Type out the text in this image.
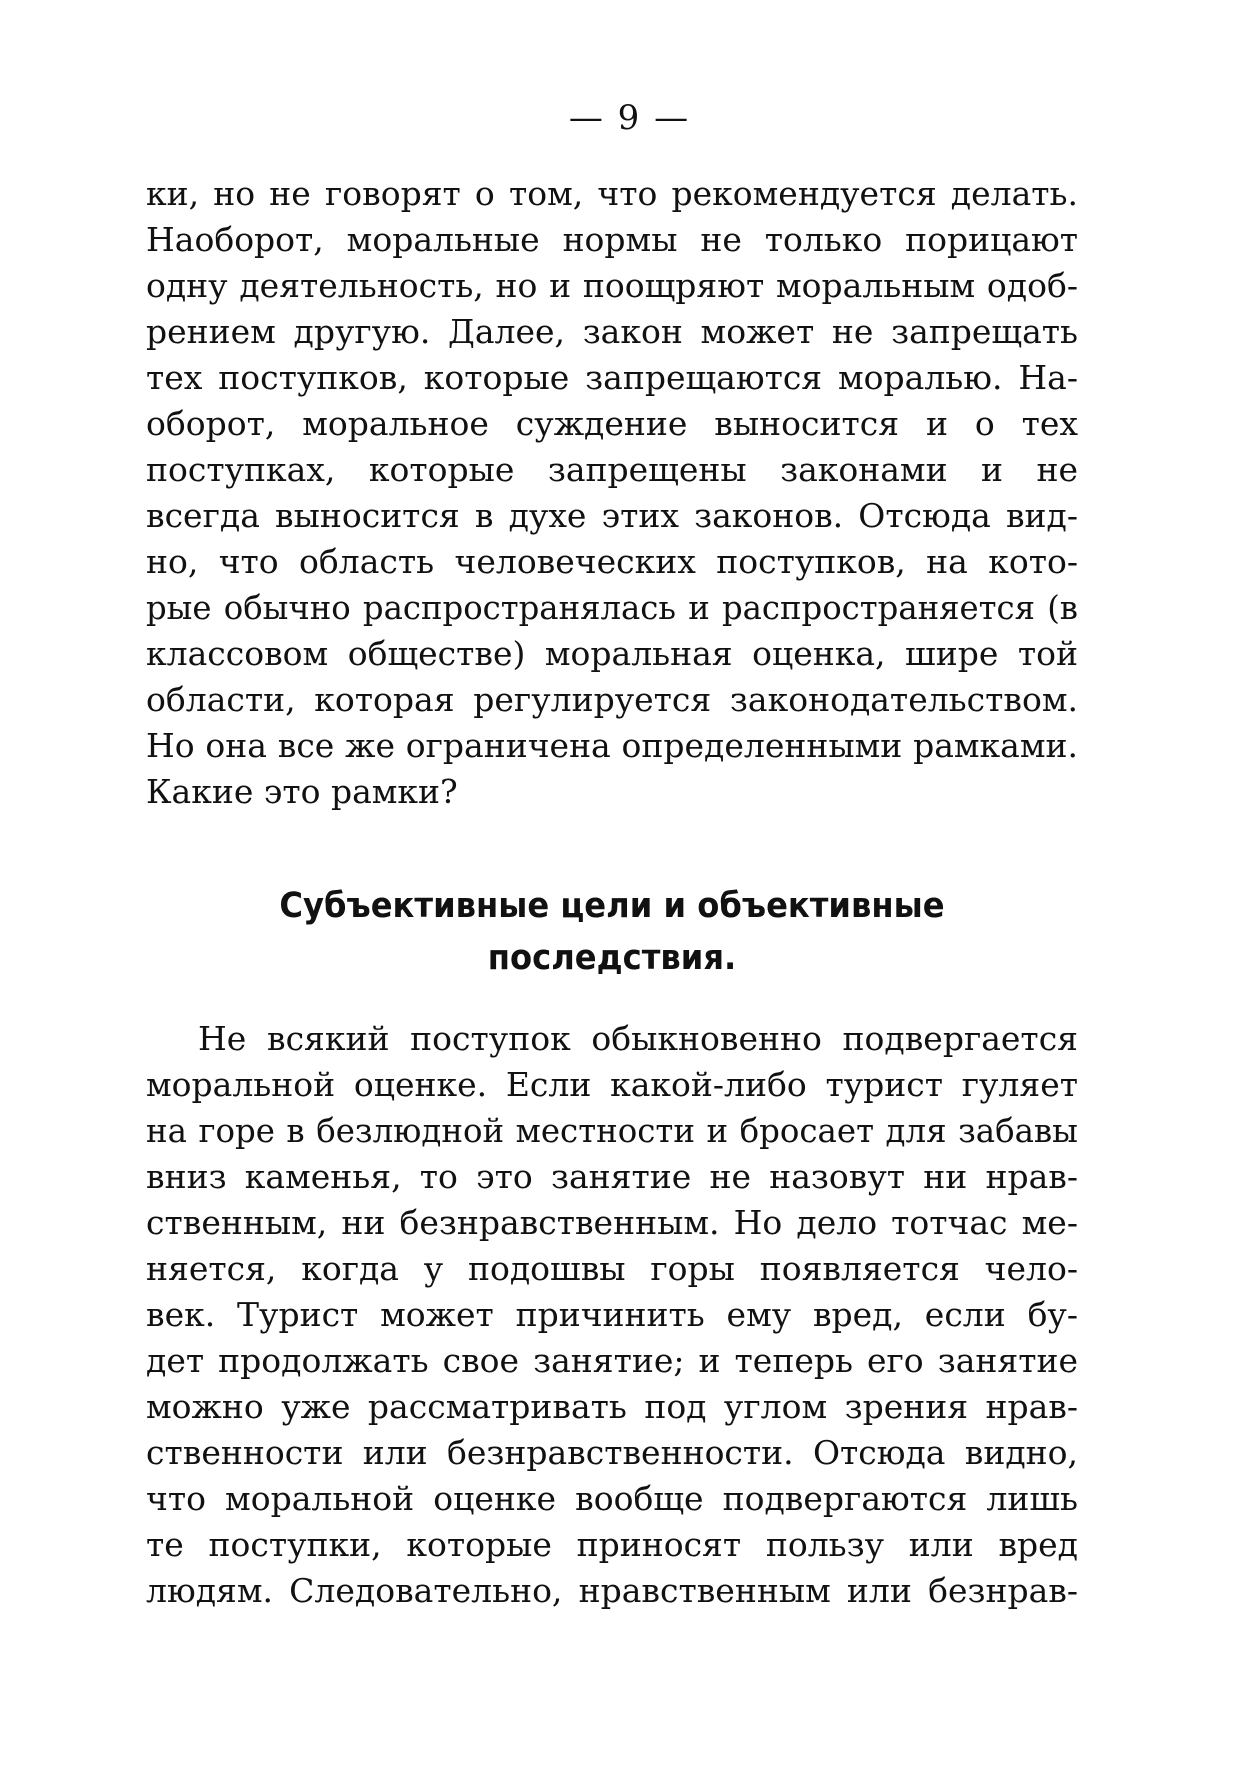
— 9 —
ки, но не говорят о том, что рекомендуется делать.
Наоборот, моральные нормы не только порицают
одну деятельность, но и поощряют моральным одоб-
рением другую. Далее, закон может не запрещать
тех поступков, которые запрещаются моралью. На-
оборот, моральное суждение выносится и о тех
поступках, которые запрещены законами и не
всегда выносится в духе этих законов. Отсюда вид-
но, что область человеческих поступков, на кото-
рые обычно распространялась и распространяется (в
классовом обществе) моральная оценка, шире той
области, которая регулируется законодательством.
Но она все же ограничена определенными рамками.
Какие это рамки?
Субъективные цели и объективные
последствия.
Не всякий поступок обыкновенно подвергается
моральной оценке. Если какой-либо турист гуляет
на горе в безлюдной местности и бросает для забавы
вниз каменья, то это занятие не назовут ни нрав-
ственным, ни безнравственным. Но дело тотчас ме-
няется, когда у подошвы горы появляется чело-
век. Турист может причинить ему вред, если бу-
дет продолжать свое занятие; и теперь его занятие
можно уже рассматривать под углом зрения нрав-
ственности или безнравственности. Отсюда видно,
что моральной оценке вообще подвергаются лишь
те поступки, которые приносят пользу или вред
людям. Следовательно, нравственным или безнрав-
